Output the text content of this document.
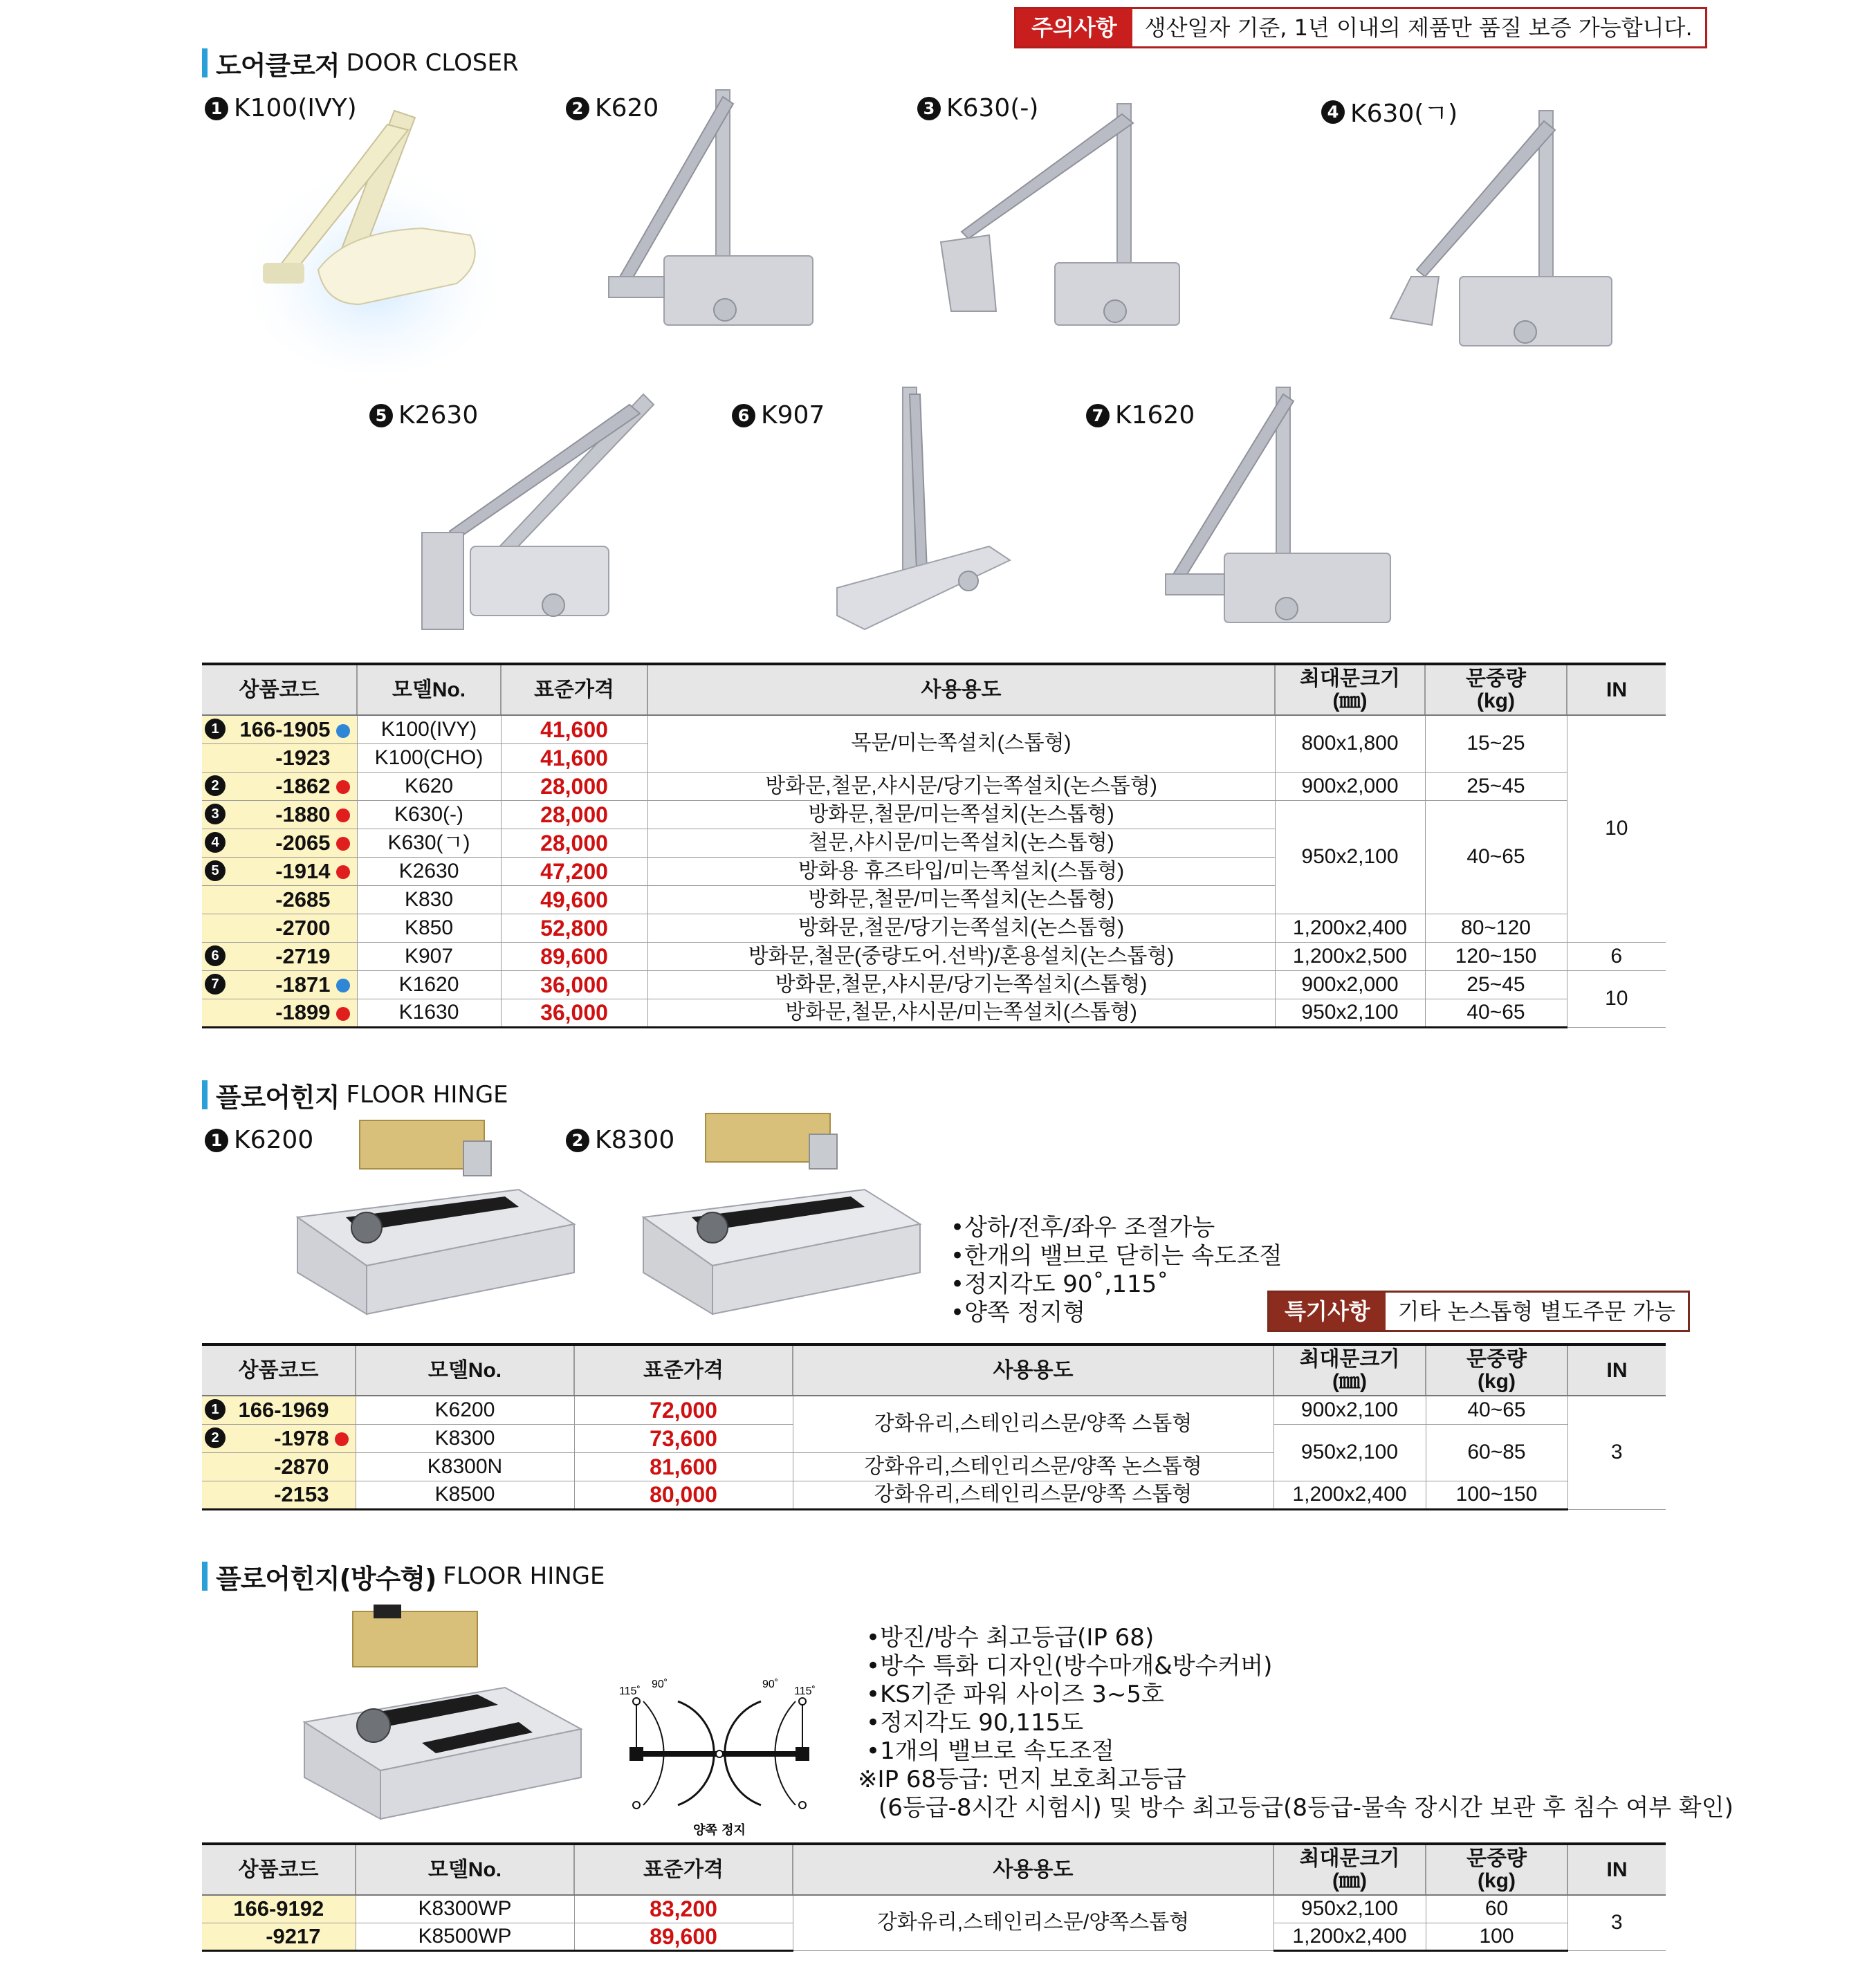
주의사항	생산일자 기준, 1년 이내의 제품만 품질 보증 가능합니다.
도어클로저 DOOR CLOSER
1 K100(IVY)	2 K620	3 K630(-)	4 K630(ㄱ)
5 K2630	6 K907	7 K1620
상품코드	모델No.	표준가격	사용용도	최대문크기
(㎜)	문중량
(kg)	IN

1 166-1905	K100(IVY)	41,600	목문/미는쪽설치(스톱형)	800x1,800	15~25	10
-1923	K100(CHO)	41,600				

2 -1862	K620	28,000	방화문,철문,샤시문/당기는쪽설치(논스톱형)	900x2,000	25~45	

3 -1880	K630(-)	28,000	방화문,철문/미는쪽설치(논스톱형)	950x2,100	40~65	

4 -2065	K630(ㄱ)	28,000	철문,샤시문/미는쪽설치(논스톱형)			

5 -1914	K2630	47,200	방화용 휴즈타입/미는쪽설치(스톱형)			
-2685	K830	49,600	방화문,철문/미는쪽설치(논스톱형)			
-2700	K850	52,800	방화문,철문/당기는쪽설치(논스톱형)	1,200x2,400	80~120	

6 -2719	K907	89,600	방화문,철문(중량도어.선박)/혼용설치(논스톱형)	1,200x2,500	120~150	6

7 -1871	K1620	36,000	방화문,철문,샤시문/당기는쪽설치(스톱형)	900x2,000	25~45	10
-1899	K1630	36,000	방화문,철문,샤시문/미는쪽설치(스톱형)	950x2,100	40~65	
플로어힌지 FLOOR HINGE
1 K6200	2 K8300
• 상하/전후/좌우 조절가능
• 한개의 밸브로 닫히는 속도조절
• 정지각도 90˚,115˚
• 양쪽 정지형	특기사항	기타 논스톱형 별도주문 가능
상품코드	모델No.	표준가격	사용용도	최대문크기
(㎜)	문중량
(kg)	IN

1 166-1969	K6200	72,000	강화유리,스테인리스문/양쪽 스톱형	900x2,100	40~65	3

2 -1978	K8300	73,600		950x2,100	60~85	
-2870	K8300N	81,600	강화유리,스테인리스문/양쪽 논스톱형			
-2153	K8500	80,000	강화유리,스테인리스문/양쪽 스톱형	1,200x2,400	100~150	
플로어힌지(방수형) FLOOR HINGE
115˚
90˚	90˚
115˚
양쪽 정지
• 방진/방수 최고등급(IP 68)
• 방수 특화 디자인(방수마개&방수커버)
• KS기준 파워 사이즈 3~5호
• 정지각도 90,115도
• 1개의 밸브로 속도조절
※IP 68등급: 먼지 보호최고등급
(6등급-8시간 시험시) 및 방수 최고등급(8등급-물속 장시간 보관 후 침수 여부 확인)
상품코드	모델No.	표준가격	사용용도	최대문크기
(㎜)	문중량
(kg)	IN
166-9192	K8300WP	83,200	강화유리,스테인리스문/양쪽스톱형	950x2,100	60	3
-9217	K8500WP	89,600		1,200x2,400	100	
